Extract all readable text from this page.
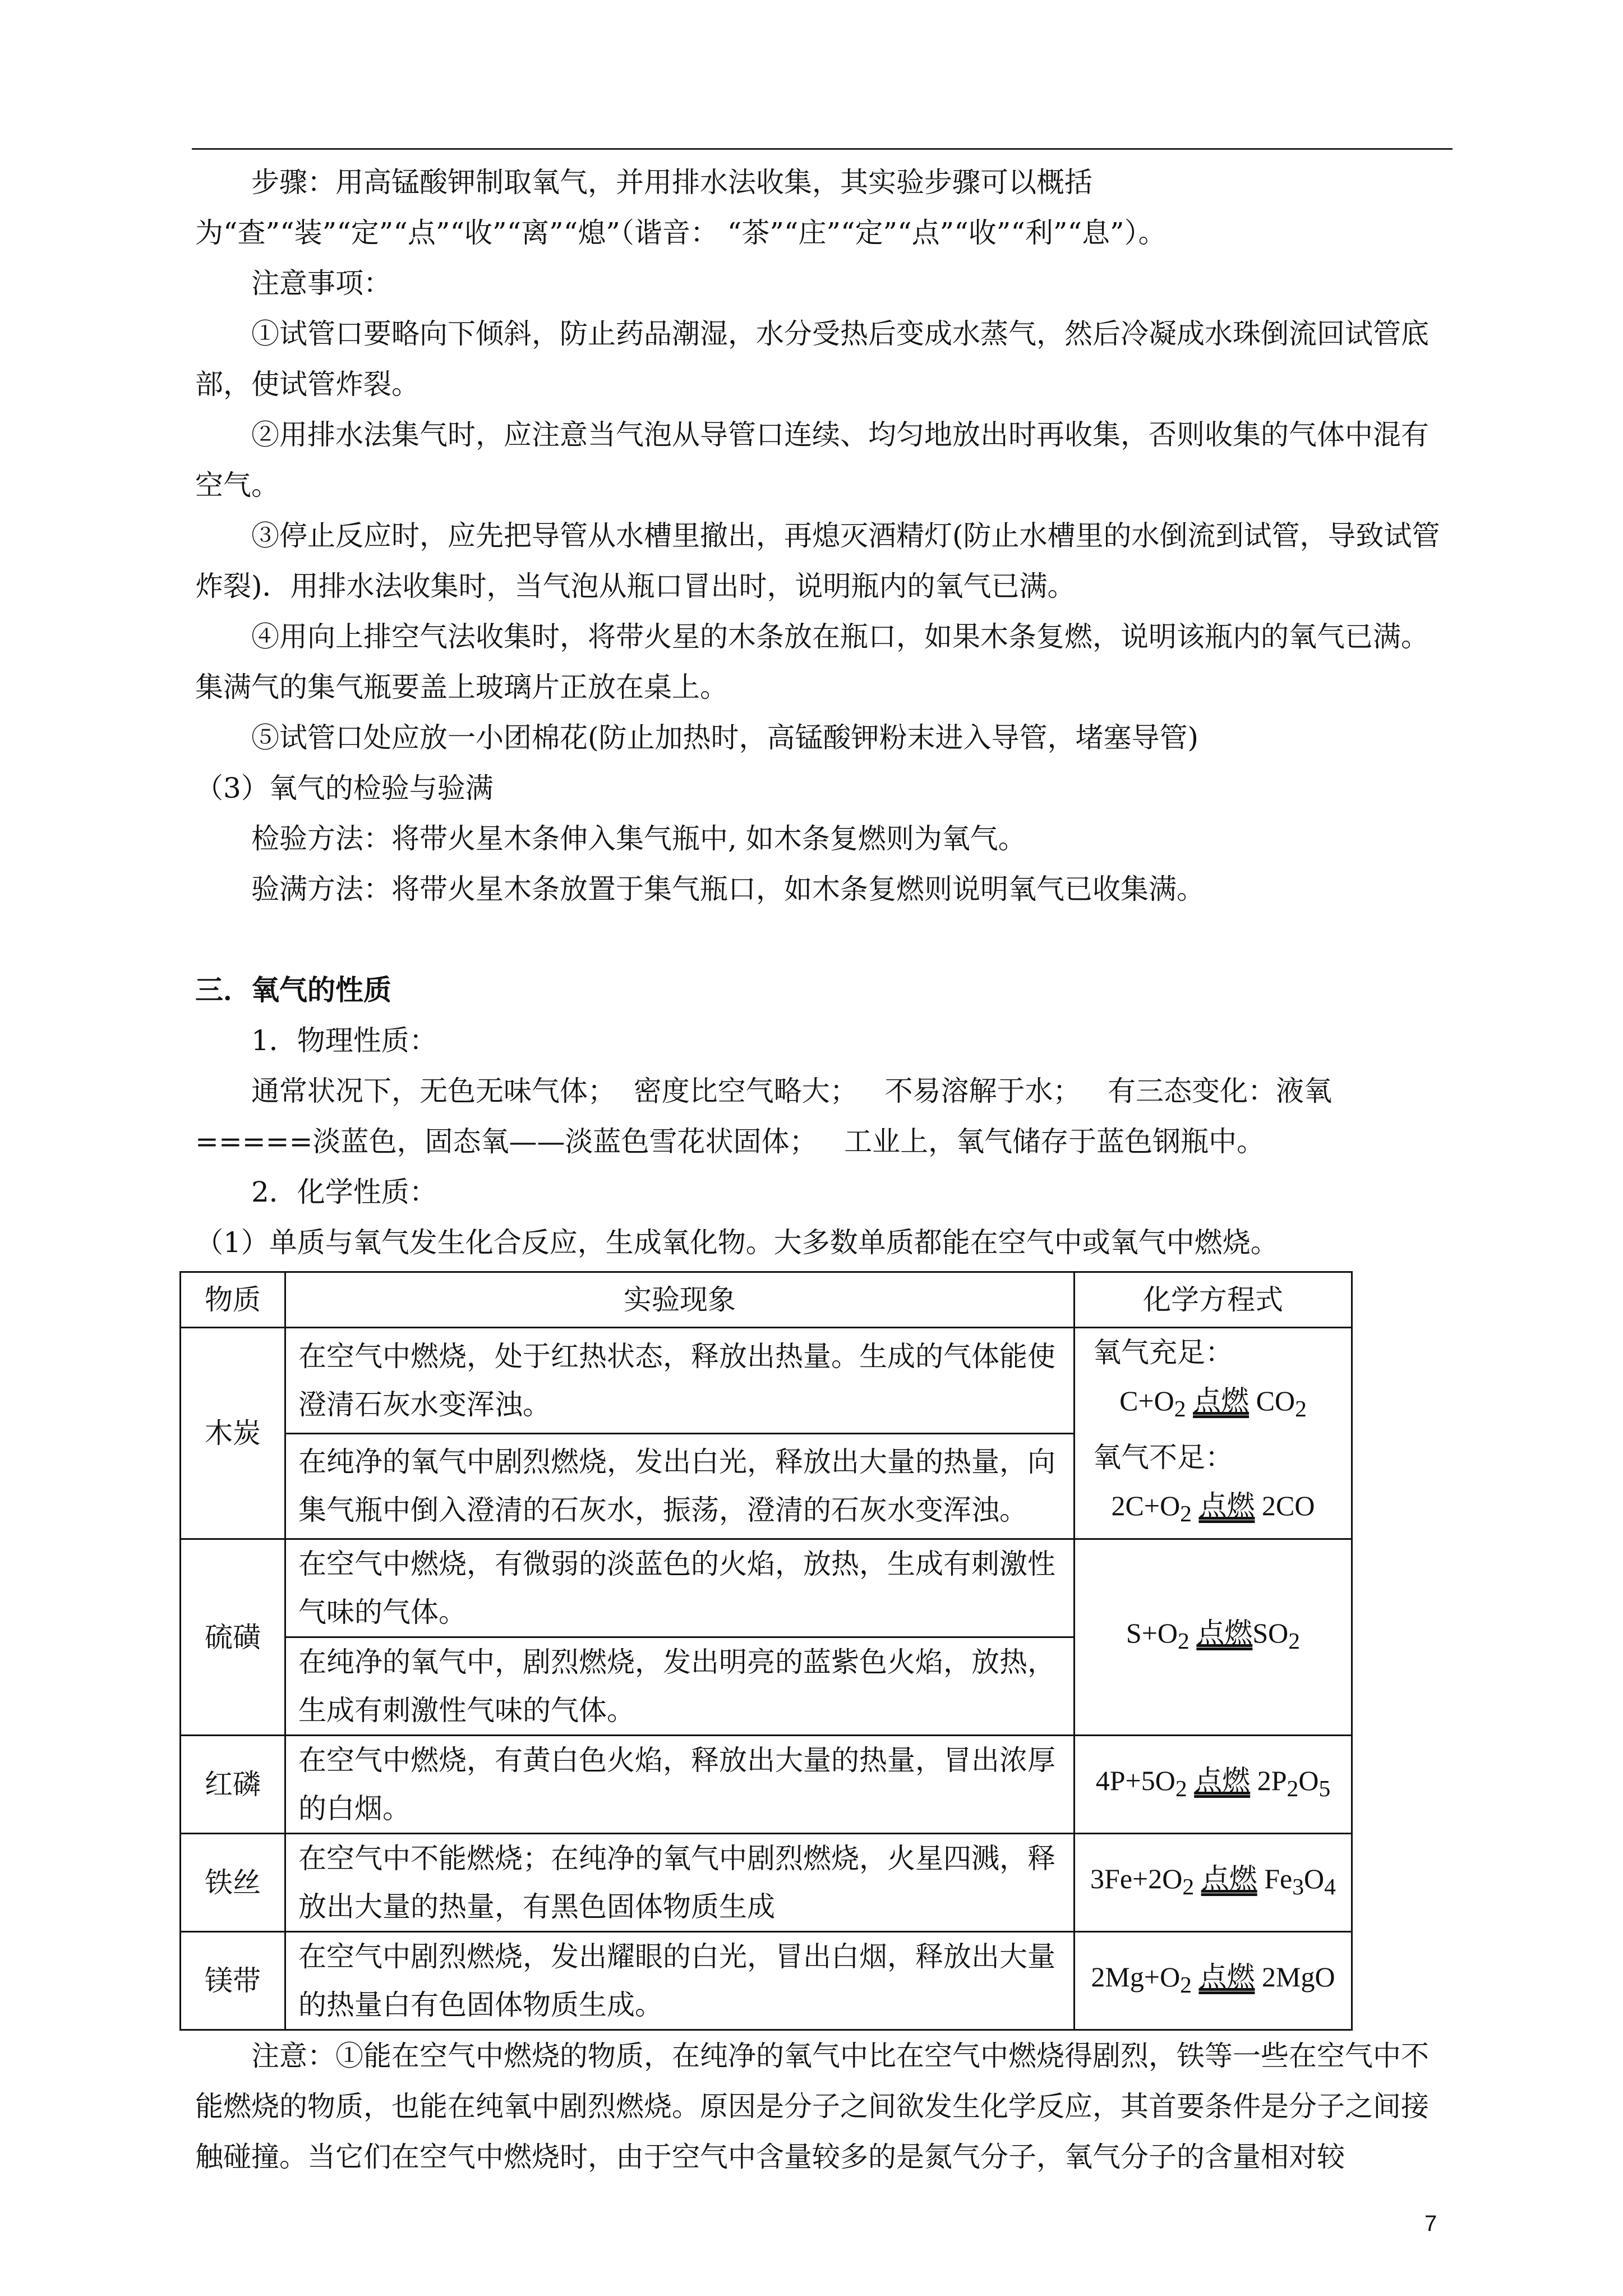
步骤：用高锰酸钾制取氧气，并用排水法收集，其实验步骤可以概括为“查”“装”“定”“点”“收”“离”“熄”（谐音： “茶”“庄”“定”“点”“收”“利”“息”）。

注意事项：

①试管口要略向下倾斜，防止药品潮湿，水分受热后变成水蒸气，然后冷凝成水珠倒流回试管底部，使试管炸裂。

②用排水法集气时，应注意当气泡从导管口连续、均匀地放出时再收集，否则收集的气体中混有空气。

③停止反应时，应先把导管从水槽里撤出，再熄灭酒精灯(防止水槽里的水倒流到试管，导致试管炸裂)．用排水法收集时，当气泡从瓶口冒出时，说明瓶内的氧气已满。

④用向上排空气法收集时，将带火星的木条放在瓶口，如果木条复燃，说明该瓶内的氧气已满。集满气的集气瓶要盖上玻璃片正放在桌上。

⑤试管口处应放一小团棉花(防止加热时，高锰酸钾粉末进入导管，堵塞导管)

（3）氧气的检验与验满

检验方法：将带火星木条伸入集气瓶中, 如木条复燃则为氧气。

验满方法：将带火星木条放置于集气瓶口，如木条复燃则说明氧气已收集满。

三．氧气的性质

1．物理性质：

通常状况下，无色无味气体；  密度比空气略大；   不易溶解于水；   有三态变化：液氧=====淡蓝色，固态氧——淡蓝色雪花状固体；   工业上，氧气储存于蓝色钢瓶中。

2．化学性质：

（1）单质与氧气发生化合反应，生成氧化物。大多数单质都能在空气中或氧气中燃烧。

物质	实验现象	化学方程式
木炭	在空气中燃烧，处于红热状态，释放出热量。生成的气体能使澄清石灰水变浑浊。	氧气充足：
$C+O_2$ 点燃 $CO_2$
氧气不足：
$2C+O_2$ 点燃 2CO

	在纯净的氧气中剧烈燃烧，发出白光，释放出大量的热量，向集气瓶中倒入澄清的石灰水，振荡，澄清的石灰水变浑浊。	
硫磺	在空气中燃烧，有微弱的淡蓝色的火焰，放热，生成有刺激性气味的气体。	$S+O_2$ 点燃$SO_2$
	在纯净的氧气中，剧烈燃烧，发出明亮的蓝紫色火焰，放热，生成有刺激性气味的气体。	
红磷	在空气中燃烧，有黄白色火焰，释放出大量的热量，冒出浓厚的白烟。	$4P+5O_2$ 点燃 $2P_2O_5$
铁丝	在空气中不能燃烧；在纯净的氧气中剧烈燃烧，火星四溅，释放出大量的热量，有黑色固体物质生成	$3Fe+2O_2$ 点燃 $Fe_3O_4$
镁带	在空气中剧烈燃烧，发出耀眼的白光，冒出白烟，释放出大量的热量白有色固体物质生成。	$2Mg+O_2$ 点燃 2MgO

注意：①能在空气中燃烧的物质，在纯净的氧气中比在空气中燃烧得剧烈，铁等一些在空气中不能燃烧的物质，也能在纯氧中剧烈燃烧。原因是分子之间欲发生化学反应，其首要条件是分子之间接触碰撞。当它们在空气中燃烧时，由于空气中含量较多的是氮气分子，氧气分子的含量相对较

7
